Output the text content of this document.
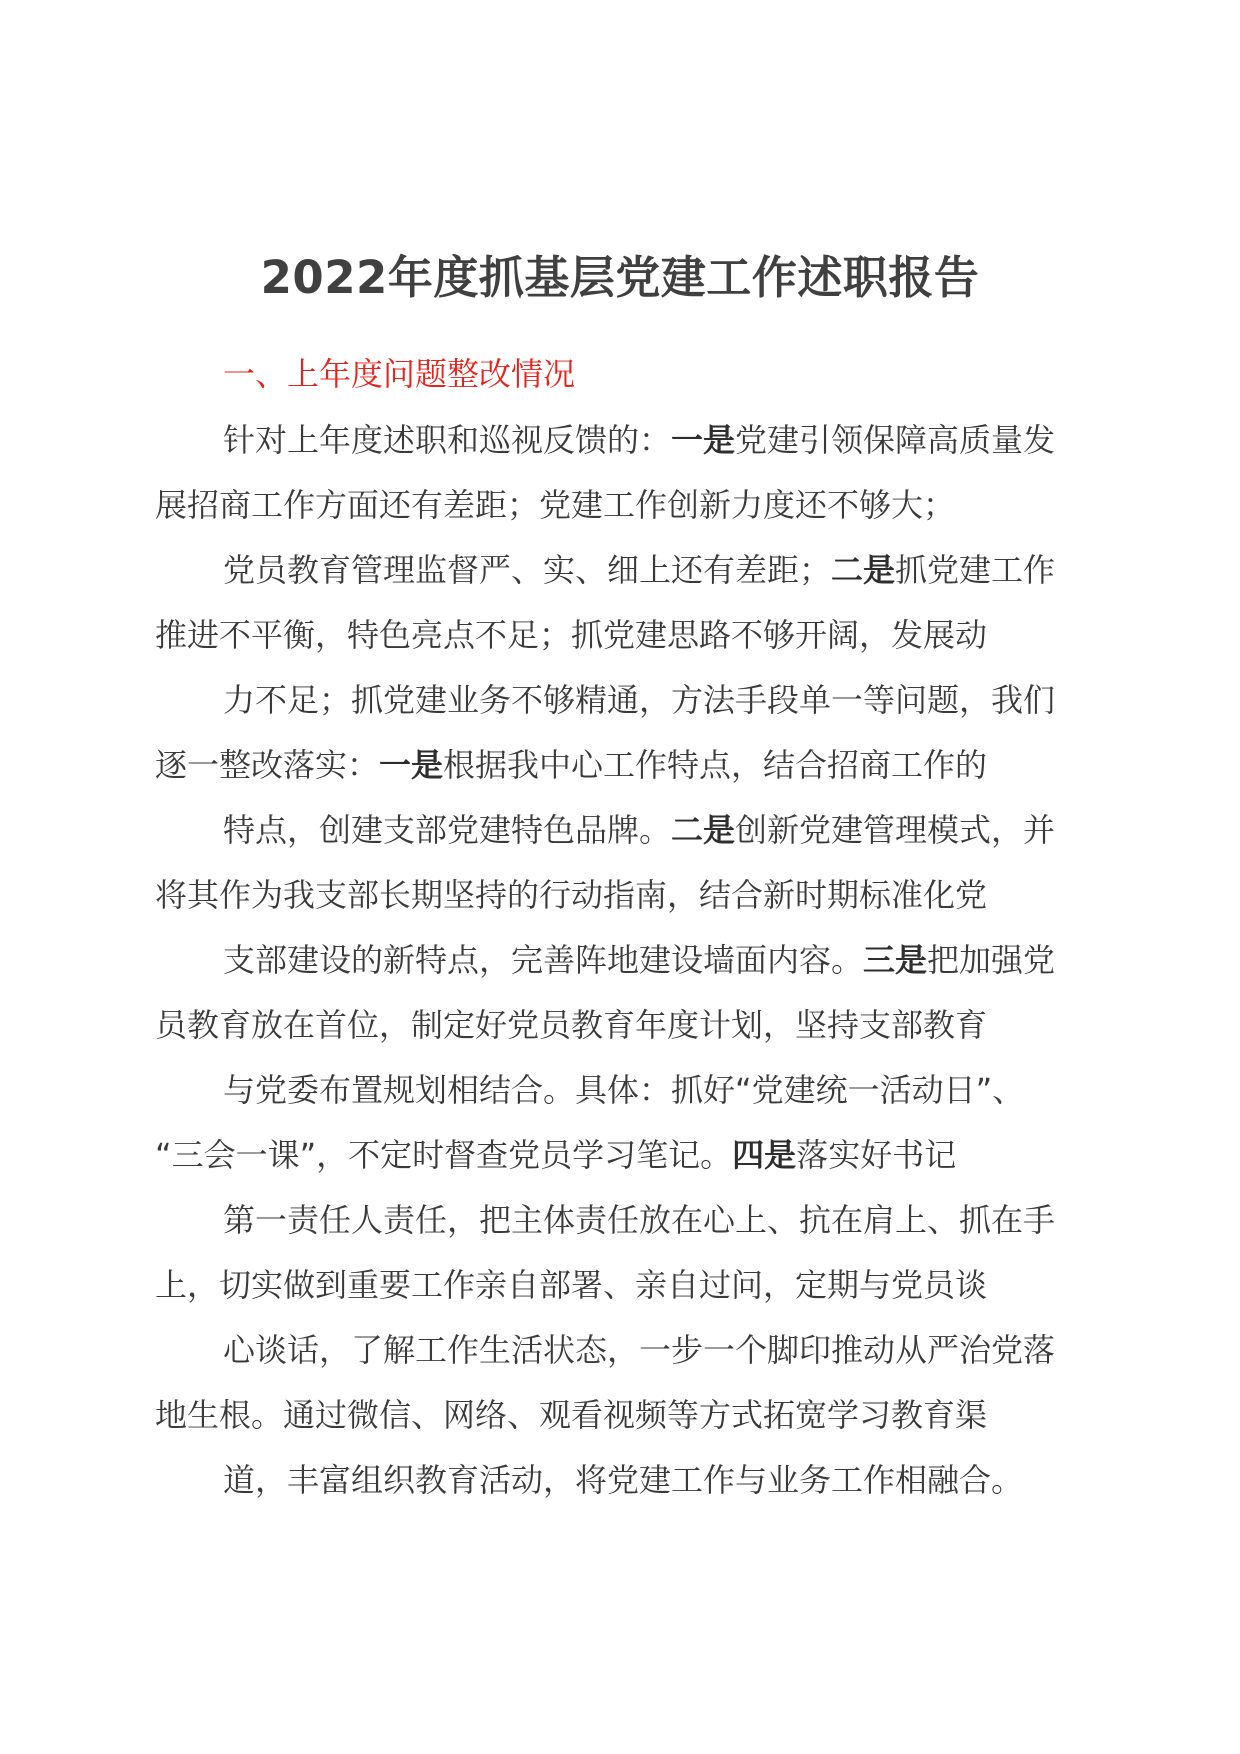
2022年度抓基层党建工作述职报告
一、上年度问题整改情况
针对上年度述职和巡视反馈的：一是党建引领保障高质量发
展招商工作方面还有差距；党建工作创新力度还不够大；
党员教育管理监督严、实、细上还有差距；二是抓党建工作
推进不平衡，特色亮点不足；抓党建思路不够开阔，发展动
力不足；抓党建业务不够精通，方法手段单一等问题，我们
逐一整改落实：一是根据我中心工作特点，结合招商工作的
特点，创建支部党建特色品牌。二是创新党建管理模式，并
将其作为我支部长期坚持的行动指南，结合新时期标准化党
支部建设的新特点，完善阵地建设墙面内容。三是把加强党
员教育放在首位，制定好党员教育年度计划，坚持支部教育
与党委布置规划相结合。具体：抓好“党建统一活动日”、
“三会一课”，不定时督查党员学习笔记。四是落实好书记
第一责任人责任，把主体责任放在心上、抗在肩上、抓在手
上，切实做到重要工作亲自部署、亲自过问，定期与党员谈
心谈话，了解工作生活状态，一步一个脚印推动从严治党落
地生根。通过微信、网络、观看视频等方式拓宽学习教育渠
道，丰富组织教育活动，将党建工作与业务工作相融合。
